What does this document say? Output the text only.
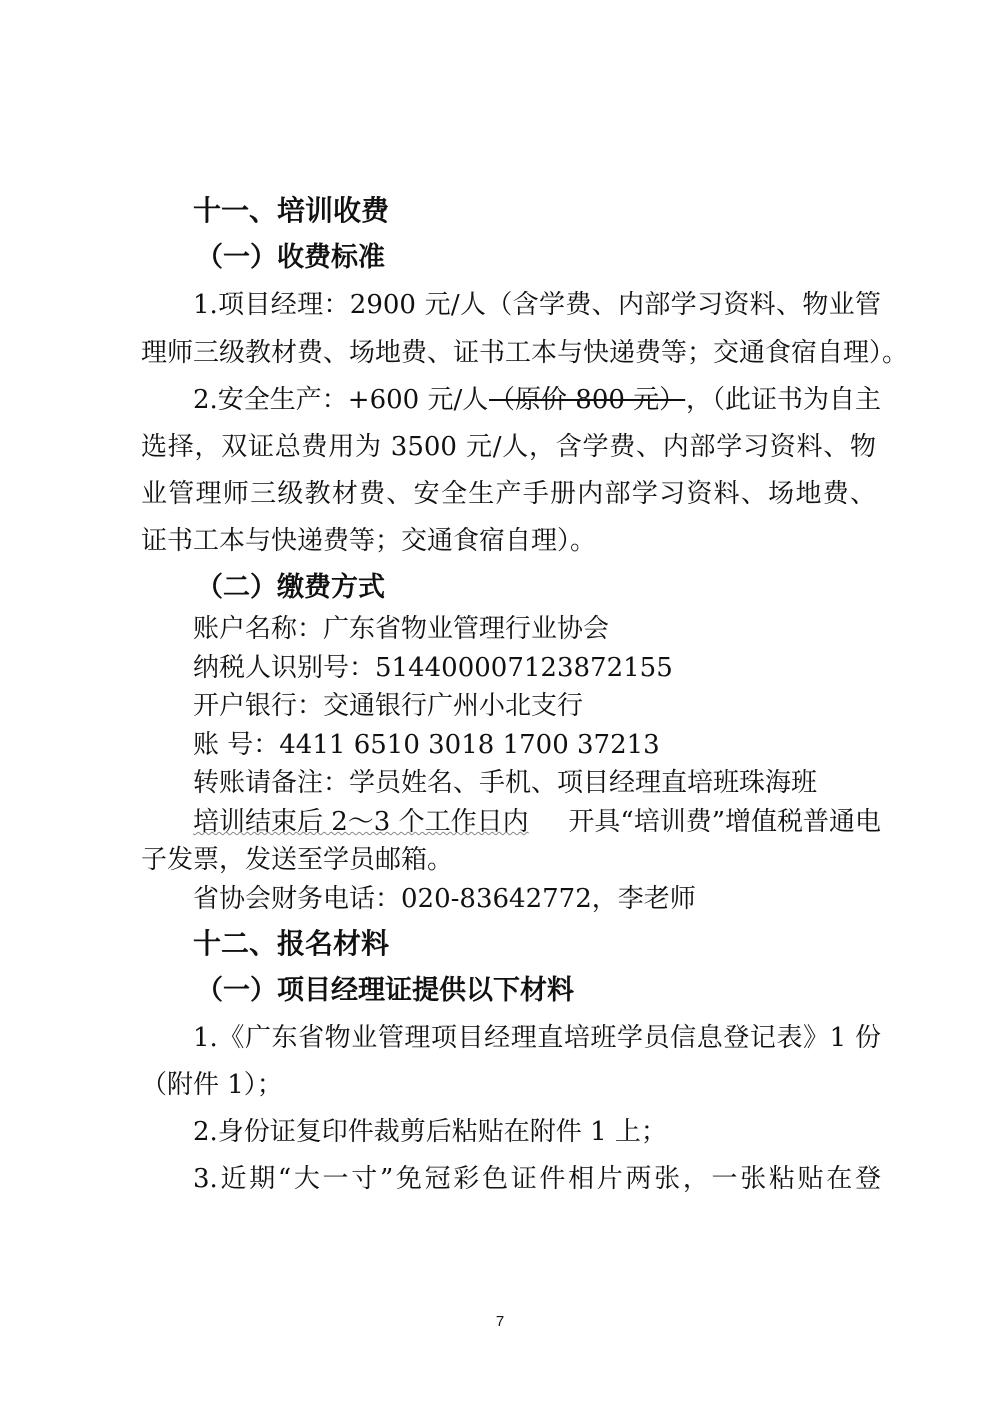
十一、培训收费
（一）收费标准
1.项目经理：2900 元/人（含学费、内部学习资料、物业管
理师三级教材费、场地费、证书工本与快递费等；交通食宿自理）。
2.安全生产：+600 元/人 （原价 800 元） ，（此证书为自主
选择，双证总费用为 3500 元/人，含学费、内部学习资料、物
业管理师三级教材费、安全生产手册内部学习资料、场地费、
证书工本与快递费等；交通食宿自理）。
（二）缴费方式
账户名称：广东省物业管理行业协会
纳税人识别号：514400007123872155
开户银行：交通银行广州小北支行
账 号：4411 6510 3018 1700 37213
转账请备注：学员姓名、手机、项目经理直培班珠海班
培训结束后 2～3 个工作日内 开具“培训费”增值税普通电
子发票，发送至学员邮箱。
省协会财务电话：020-83642772，李老师
十二、报名材料
（一）项目经理证提供以下材料
1.《广东省物业管理项目经理直培班学员信息登记表》1 份
（附件 1）；
2.身份证复印件裁剪后粘贴在附件 1 上；
3.近期“大一寸”免冠彩色证件相片两张，一张粘贴在登
7
